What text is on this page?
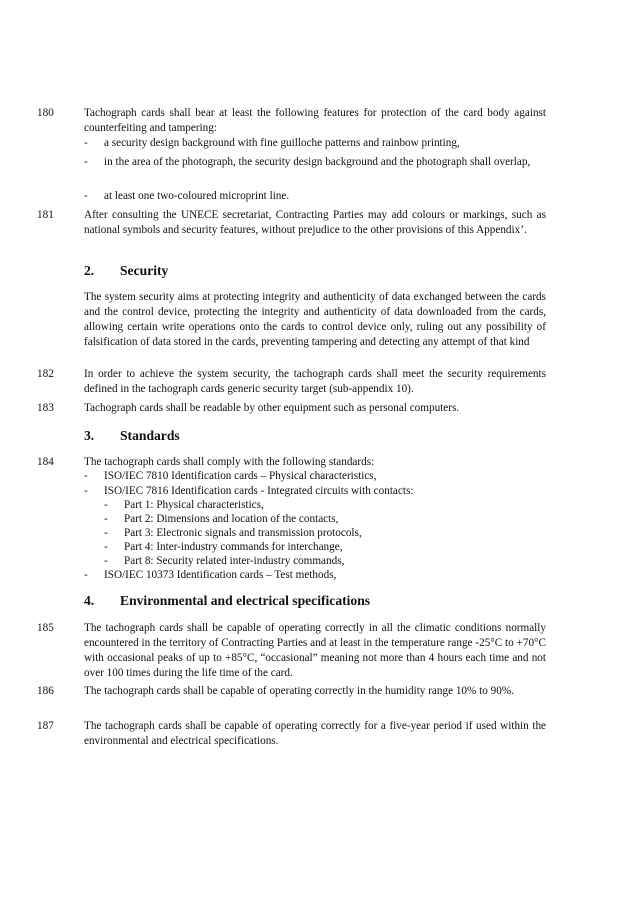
180	Tachograph cards shall bear at least the following features for protection of the card body against counterfeiting and tampering:
- a security design background with fine guilloche patterns and rainbow printing,
- in the area of the photograph, the security design background and the photograph shall overlap,
- at least one two-coloured microprint line.
181	After consulting the UNECE secretariat, Contracting Parties may add colours or markings, such as national symbols and security features, without prejudice to the other provisions of this Appendix’.
2. Security
The system security aims at protecting integrity and authenticity of data exchanged between the cards and the control device, protecting the integrity and authenticity of data downloaded from the cards, allowing certain write operations onto the cards to control device only, ruling out any possibility of falsification of data stored in the cards, preventing tampering and detecting any attempt of that kind
182	In order to achieve the system security, the tachograph cards shall meet the security requirements defined in the tachograph cards generic security target (sub-appendix 10).
183	Tachograph cards shall be readable by other equipment such as personal computers.
3. Standards
184	The tachograph cards shall comply with the following standards:
- ISO/IEC 7810 Identification cards – Physical characteristics,
- ISO/IEC 7816 Identification cards - Integrated circuits with contacts:
- Part 1: Physical characteristics,
- Part 2: Dimensions and location of the contacts,
- Part 3: Electronic signals and transmission protocols,
- Part 4: Inter-industry commands for interchange,
- Part 8: Security related inter-industry commands,
- ISO/IEC 10373 Identification cards – Test methods,
4. Environmental and electrical specifications
185	The tachograph cards shall be capable of operating correctly in all the climatic conditions normally encountered in the territory of Contracting Parties and at least in the temperature range -25°C to +70°C with occasional peaks of up to +85°C, “occasional” meaning not more than 4 hours each time and not over 100 times during the life time of the card.
186	The tachograph cards shall be capable of operating correctly in the humidity range 10% to 90%.
187	The tachograph cards shall be capable of operating correctly for a five-year period if used within the environmental and electrical specifications.
